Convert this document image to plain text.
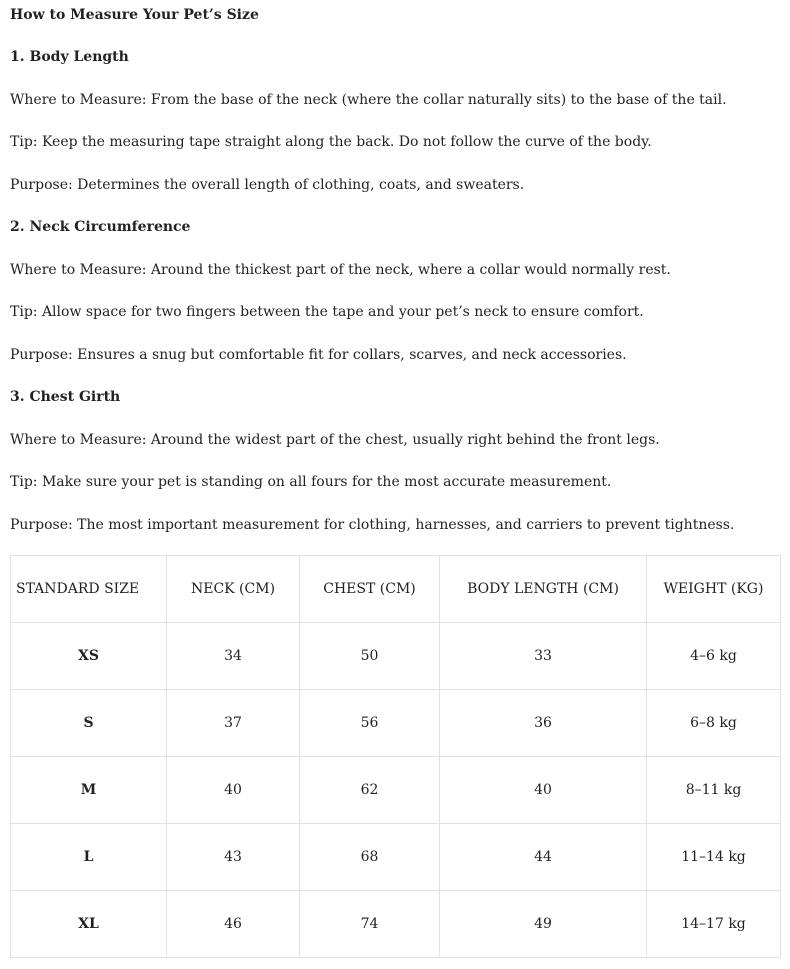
How to Measure Your Pet’s Size

1. Body Length

Where to Measure: From the base of the neck (where the collar naturally sits) to the base of the tail.

Tip: Keep the measuring tape straight along the back. Do not follow the curve of the body.

Purpose: Determines the overall length of clothing, coats, and sweaters.

2. Neck Circumference

Where to Measure: Around the thickest part of the neck, where a collar would normally rest.

Tip: Allow space for two fingers between the tape and your pet’s neck to ensure comfort.

Purpose: Ensures a snug but comfortable fit for collars, scarves, and neck accessories.

3. Chest Girth

Where to Measure: Around the widest part of the chest, usually right behind the front legs.

Tip: Make sure your pet is standing on all fours for the most accurate measurement.

Purpose: The most important measurement for clothing, harnesses, and carriers to prevent tightness.

STANDARD SIZE	NECK (CM)	CHEST (CM)	BODY LENGTH (CM)	WEIGHT (KG)
XS	34	50	33	4–6 kg
S	37	56	36	6–8 kg
M	40	62	40	8–11 kg
L	43	68	44	11–14 kg
XL	46	74	49	14–17 kg
